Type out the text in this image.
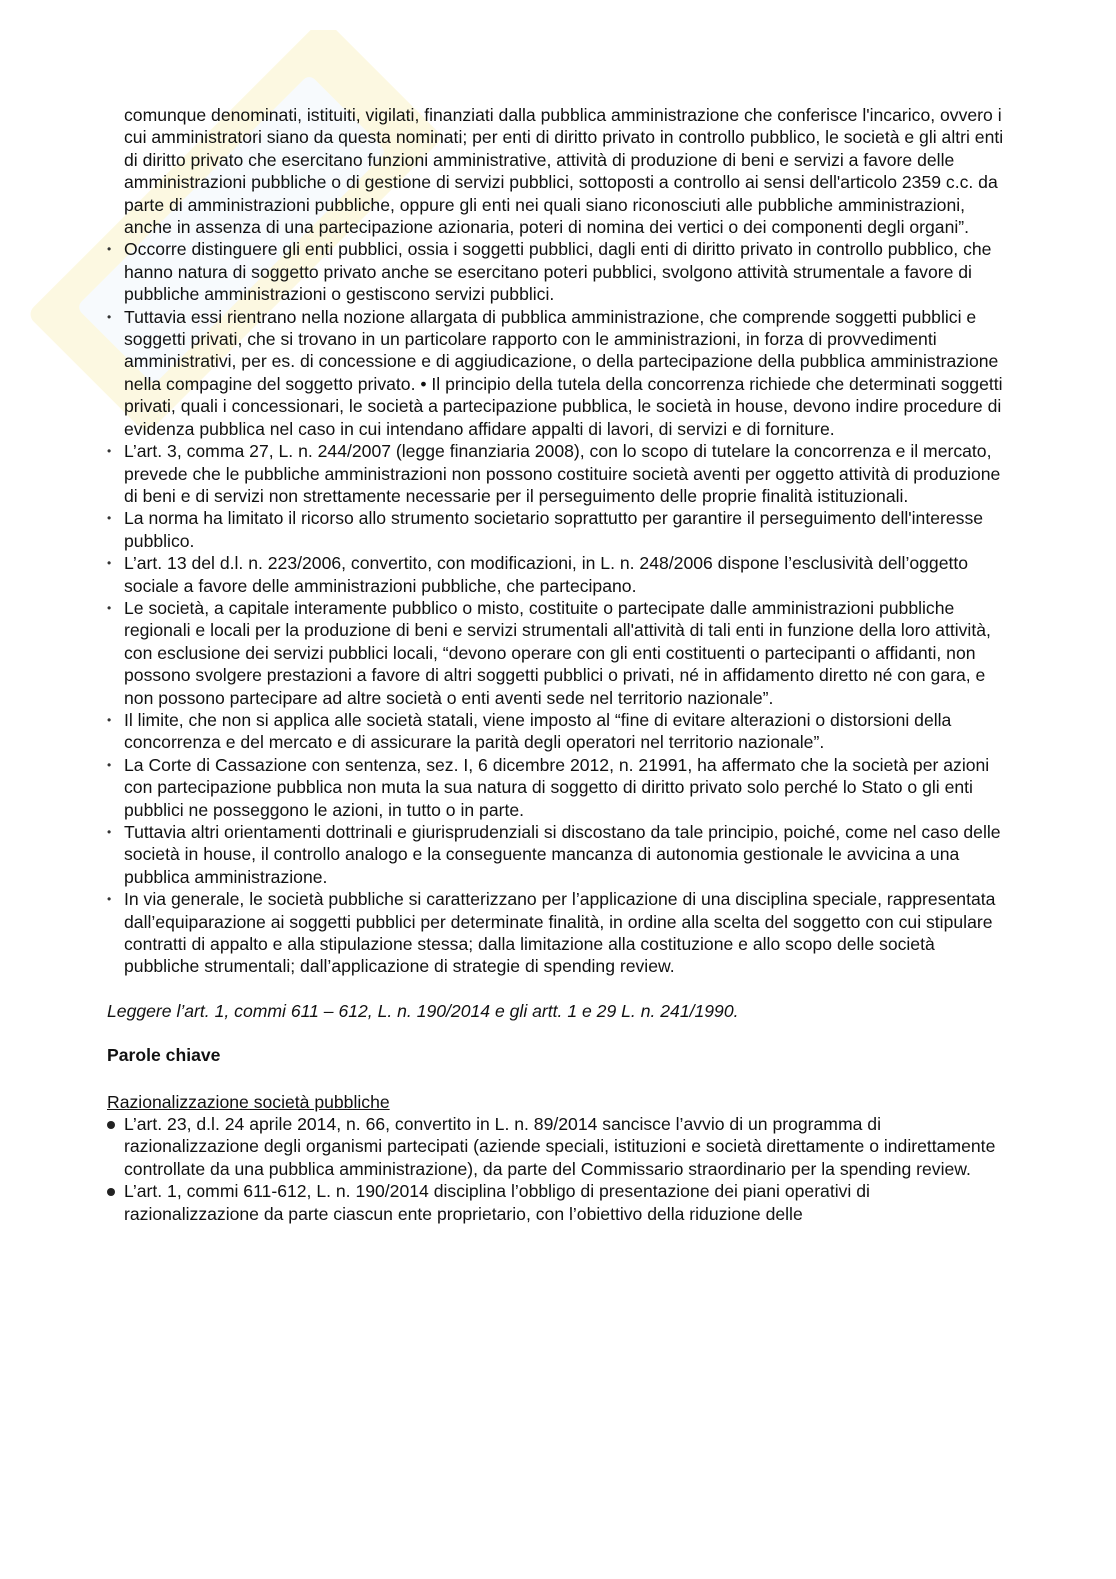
comunque denominati, istituiti, vigilati, finanziati dalla pubblica amministrazione che conferisce l'incarico, ovvero i cui amministratori siano da questa nominati; per enti di diritto privato in controllo pubblico, le società e gli altri enti di diritto privato che esercitano funzioni amministrative, attività di produzione di beni e servizi a favore delle amministrazioni pubbliche o di gestione di servizi pubblici, sottoposti a controllo ai sensi dell'articolo 2359 c.c. da parte di amministrazioni pubbliche, oppure gli enti nei quali siano riconosciuti alle pubbliche amministrazioni, anche in assenza di una partecipazione azionaria, poteri di nomina dei vertici o dei componenti degli organi”.

• Occorre distinguere gli enti pubblici, ossia i soggetti pubblici, dagli enti di diritto privato in controllo pubblico, che hanno natura di soggetto privato anche se esercitano poteri pubblici, svolgono attività strumentale a favore di pubbliche amministrazioni o gestiscono servizi pubblici.
• Tuttavia essi rientrano nella nozione allargata di pubblica amministrazione, che comprende soggetti pubblici e soggetti privati, che si trovano in un particolare rapporto con le amministrazioni, in forza di provvedimenti amministrativi, per es. di concessione e di aggiudicazione, o della partecipazione della pubblica amministrazione nella compagine del soggetto privato. • Il principio della tutela della concorrenza richiede che determinati soggetti privati, quali i concessionari, le società a partecipazione pubblica, le società in house, devono indire procedure di evidenza pubblica nel caso in cui intendano affidare appalti di lavori, di servizi e di forniture.
• L’art. 3, comma 27, L. n. 244/2007 (legge finanziaria 2008), con lo scopo di tutelare la concorrenza e il mercato, prevede che le pubbliche amministrazioni non possono costituire società aventi per oggetto attività di produzione di beni e di servizi non strettamente necessarie per il perseguimento delle proprie finalità istituzionali.
• La norma ha limitato il ricorso allo strumento societario soprattutto per garantire il perseguimento dell'interesse pubblico.
• L’art. 13 del d.l. n. 223/2006, convertito, con modificazioni, in L. n. 248/2006 dispone l’esclusività dell’oggetto sociale a favore delle amministrazioni pubbliche, che partecipano.
• Le società, a capitale interamente pubblico o misto, costituite o partecipate dalle amministrazioni pubbliche regionali e locali per la produzione di beni e servizi strumentali all'attività di tali enti in funzione della loro attività, con esclusione dei servizi pubblici locali, “devono operare con gli enti costituenti o partecipanti o affidanti, non possono svolgere prestazioni a favore di altri soggetti pubblici o privati, né in affidamento diretto né con gara, e non possono partecipare ad altre società o enti aventi sede nel territorio nazionale”.
• Il limite, che non si applica alle società statali, viene imposto al “fine di evitare alterazioni o distorsioni della concorrenza e del mercato e di assicurare la parità degli operatori nel territorio nazionale”.
• La Corte di Cassazione con sentenza, sez. I, 6 dicembre 2012, n. 21991, ha affermato che la società per azioni con partecipazione pubblica non muta la sua natura di soggetto di diritto privato solo perché lo Stato o gli enti pubblici ne posseggono le azioni, in tutto o in parte.
• Tuttavia altri orientamenti dottrinali e giurisprudenziali si discostano da tale principio, poiché, come nel caso delle società in house, il controllo analogo e la conseguente mancanza di autonomia gestionale le avvicina a una pubblica amministrazione.
• In via generale, le società pubbliche si caratterizzano per l’applicazione di una disciplina speciale, rappresentata dall’equiparazione ai soggetti pubblici per determinate finalità, in ordine alla scelta del soggetto con cui stipulare contratti di appalto e alla stipulazione stessa; dalla limitazione alla costituzione e allo scopo delle società pubbliche strumentali; dall’applicazione di strategie di spending review.

Leggere l’art. 1, commi 611 – 612, L. n. 190/2014 e gli artt. 1 e 29 L. n. 241/1990.

Parole chiave

Razionalizzazione società pubbliche
L’art. 23, d.l. 24 aprile 2014, n. 66, convertito in L. n. 89/2014 sancisce l’avvio di un programma di razionalizzazione degli organismi partecipati (aziende speciali, istituzioni e società direttamente o indirettamente controllate da una pubblica amministrazione), da parte del Commissario straordinario per la spending review.
L’art. 1, commi 611-612, L. n. 190/2014 disciplina l’obbligo di presentazione dei piani operativi di razionalizzazione da parte ciascun ente proprietario, con l’obiettivo della riduzione delle
